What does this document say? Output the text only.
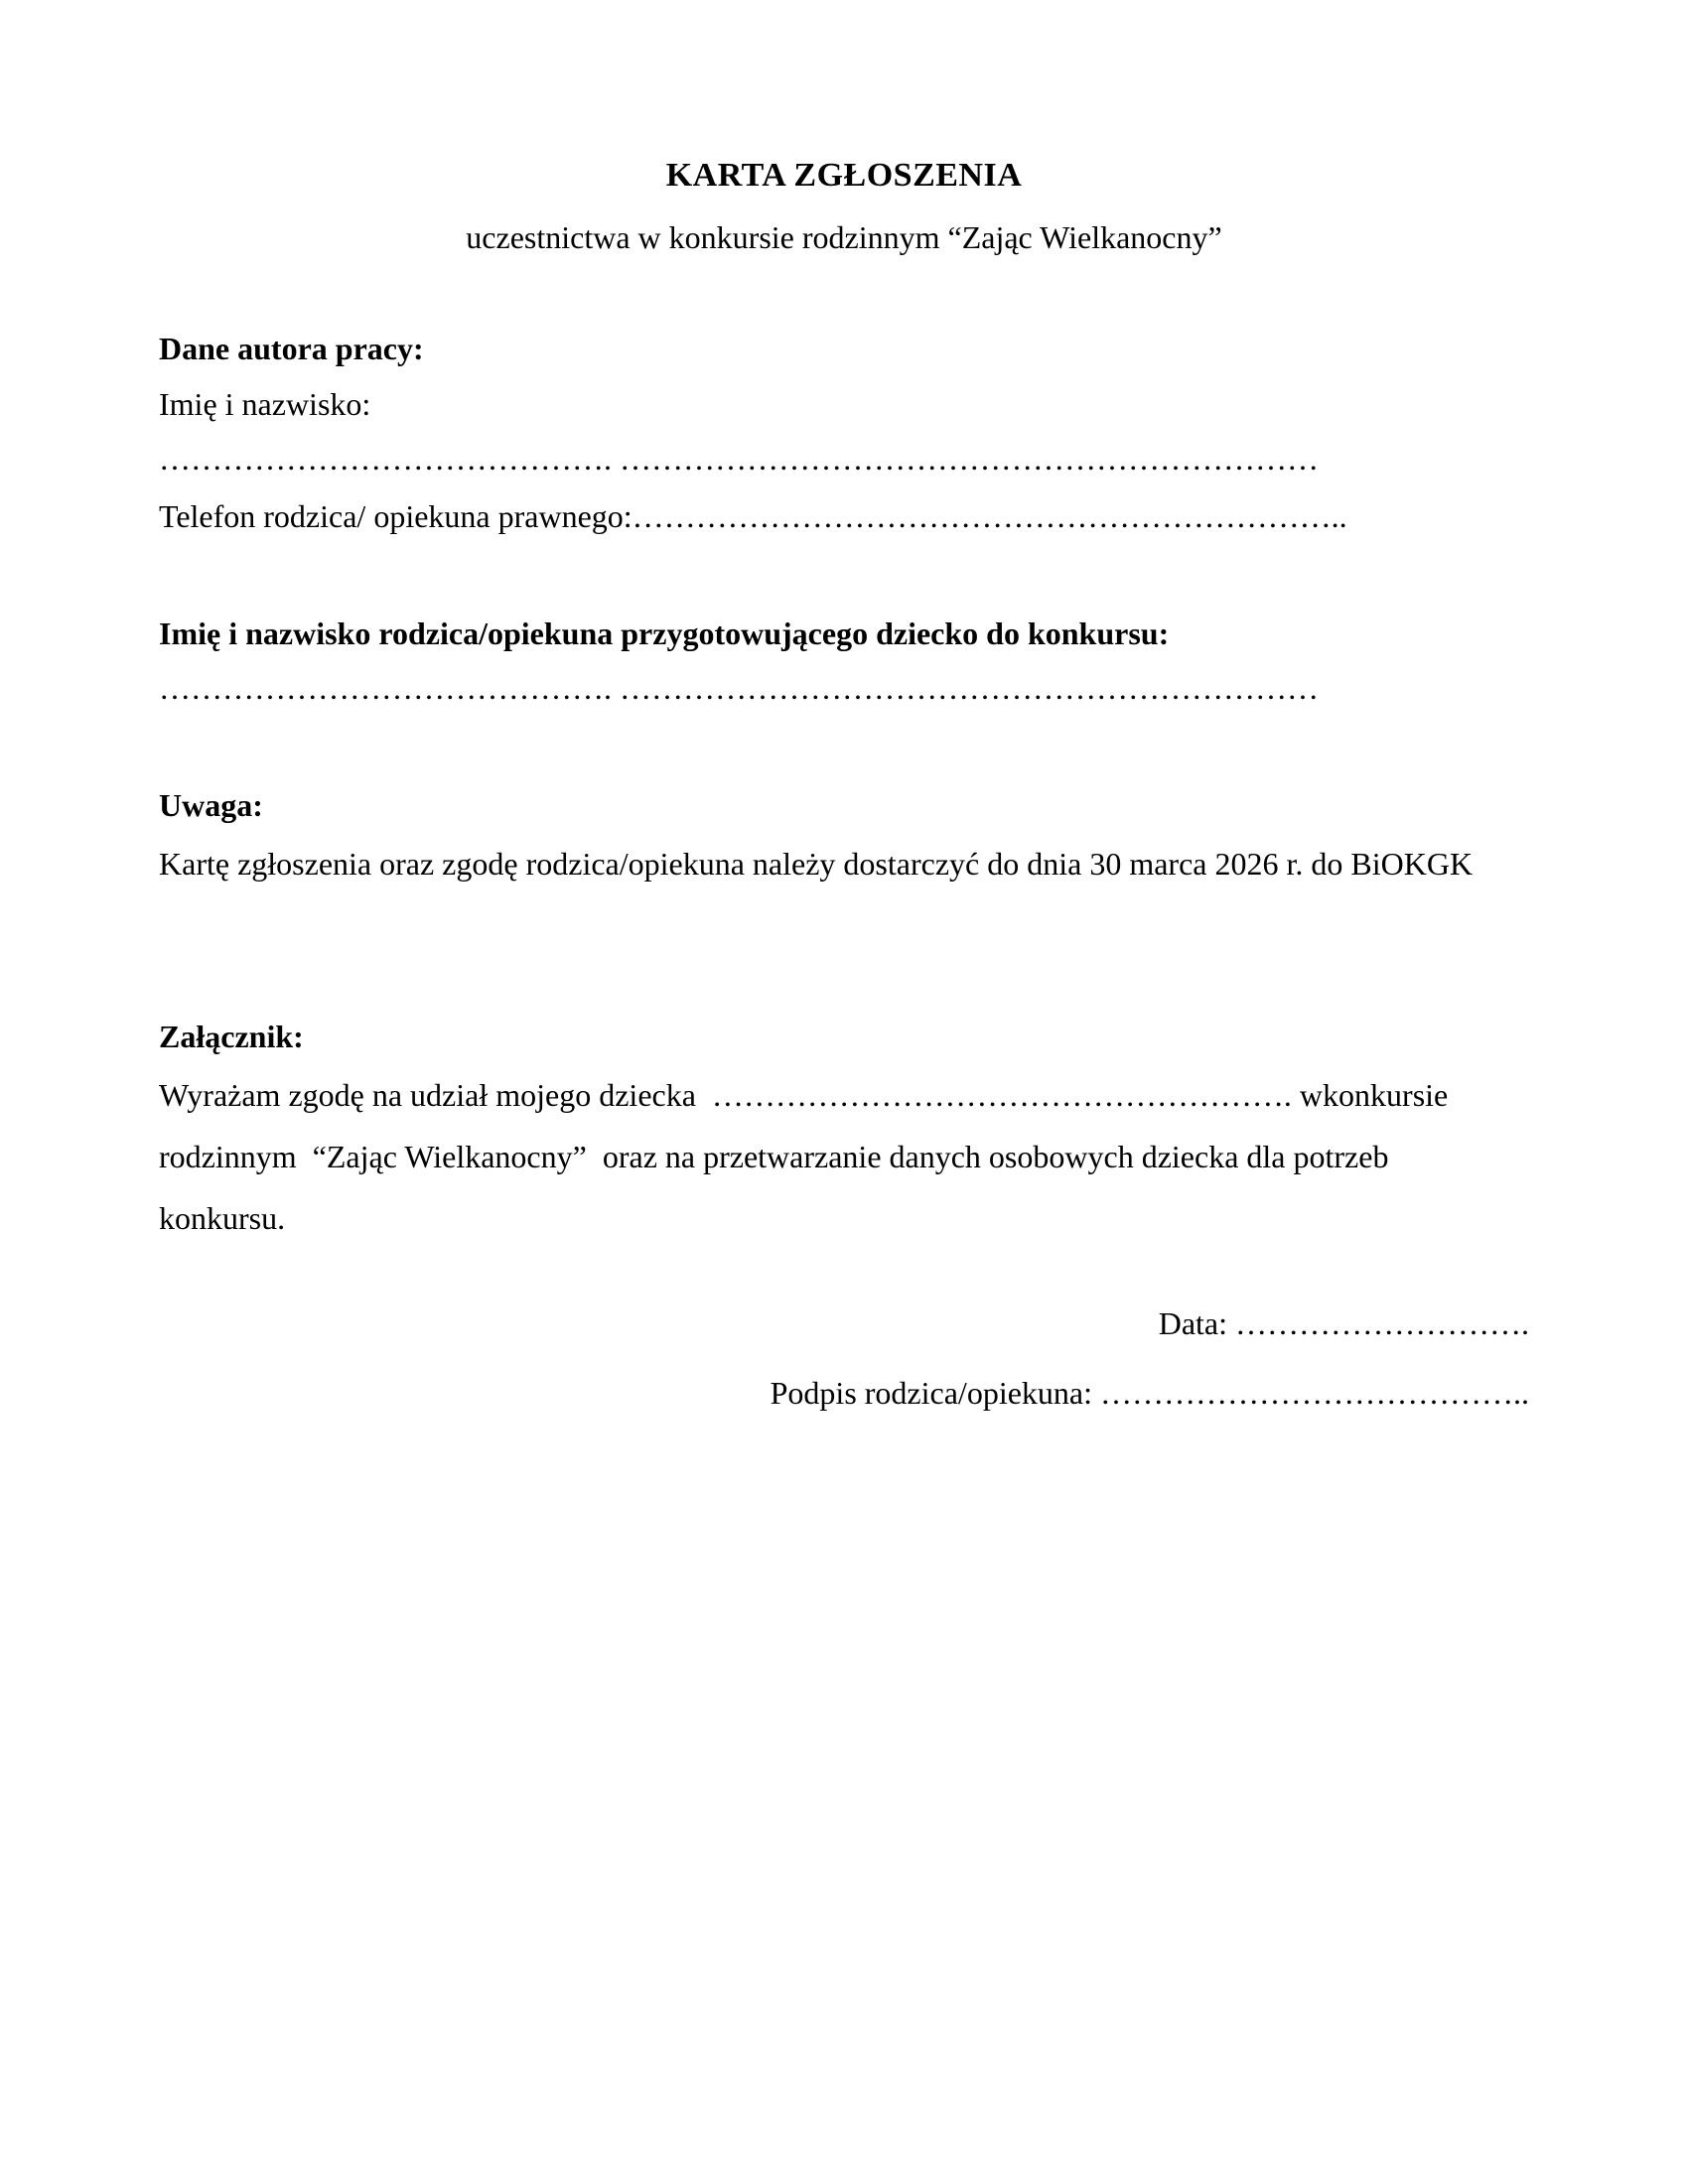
KARTA ZGŁOSZENIA
uczestnictwa w konkursie rodzinnym “Zając Wielkanocny”
Dane autora pracy:
Imię i nazwisko:
……………………………………. …………………………………………………………
Telefon rodzica/ opiekuna prawnego:…………………………………………………………..
Imię i nazwisko rodzica/opiekuna przygotowującego dziecko do konkursu:
……………………………………. …………………………………………………………
Uwaga:
Kartę zgłoszenia oraz zgodę rodzica/opiekuna należy dostarczyć do dnia 30 marca 2026 r. do BiOKGK
Załącznik:
Wyrażam zgodę na udział mojego dziecka  ………………………………………………. wkonkursie
rodzinnym  “Zając Wielkanocny”  oraz na przetwarzanie danych osobowych dziecka dla potrzeb
konkursu.
Data: ……………………….
Podpis rodzica/opiekuna: …………………………………..
